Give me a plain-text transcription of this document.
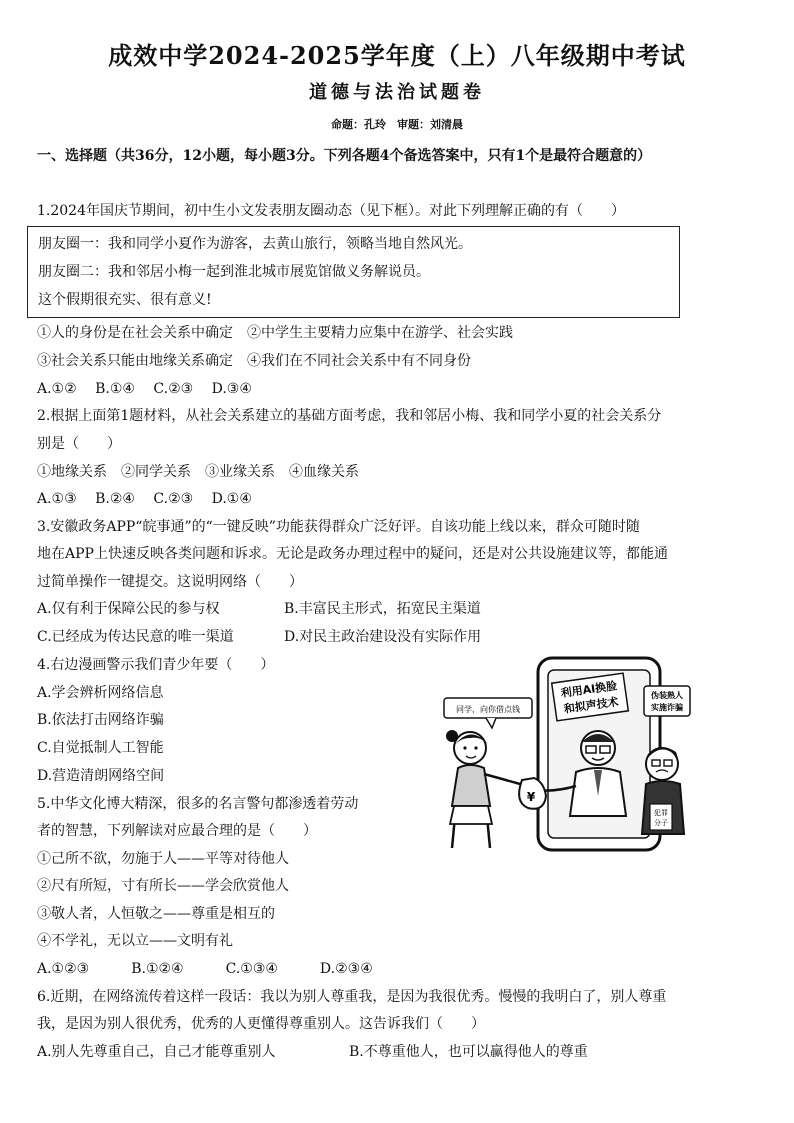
成效中学2024-2025学年度（上）八年级期中考试
道德与法治试题卷
命题：孔玲　审题：刘清晨
一、选择题（共36分，12小题，每小题3分。下列各题4个备选答案中，只有1个是最符合题意的）
1.2024年国庆节期间，初中生小文发表朋友圈动态（见下框）。对此下列理解正确的有（　　）
朋友圈一：我和同学小夏作为游客，去黄山旅行，领略当地自然风光。
朋友圈二：我和邻居小梅一起到淮北城市展览馆做义务解说员。
这个假期很充实、很有意义!
①人的身份是在社会关系中确定　②中学生主要精力应集中在游学、社会实践
③社会关系只能由地缘关系确定　④我们在不同社会关系中有不同身份
A.①②　 B.①④　 C.②③　 D.③④
2.根据上面第1题材料，从社会关系建立的基础方面考虑，我和邻居小梅、我和同学小夏的社会关系分
别是（　　）
①地缘关系　②同学关系　③业缘关系　④血缘关系
A.①③　 B.②④　 C.②③　 D.①④
3.安徽政务APP“皖事通”的“一键反映”功能获得群众广泛好评。自该功能上线以来，群众可随时随
地在APP上快速反映各类问题和诉求。无论是政务办理过程中的疑问，还是对公共设施建议等，都能通
过简单操作一键提交。这说明网络（　　）
A.仅有利于保障公民的参与权	B.丰富民主形式，拓宽民主渠道
C.已经成为传达民意的唯一渠道	D.对民主政治建设没有实际作用
4.右边漫画警示我们青少年要（　　）
A.学会辨析网络信息
B.依法打击网络诈骗
C.自觉抵制人工智能
D.营造清朗网络空间
利用AI换脸
和拟声技术
同学，向你借点钱
¥
伪装熟人
实施诈骗
犯罪
分子
5.中华文化博大精深，很多的名言警句都渗透着劳动
者的智慧，下列解读对应最合理的是（　　）
①己所不欲，勿施于人——平等对待他人
②尺有所短，寸有所长——学会欣赏他人
③敬人者，人恒敬之——尊重是相互的
④不学礼，无以立——文明有礼
A.①②③　　　B.①②④　　　C.①③④　　　D.②③④
6.近期，在网络流传着这样一段话：我以为别人尊重我，是因为我很优秀。慢慢的我明白了，别人尊重
我，是因为别人很优秀，优秀的人更懂得尊重别人。这告诉我们（　　）
A.别人先尊重自己，自己才能尊重别人	B.不尊重他人，也可以赢得他人的尊重
